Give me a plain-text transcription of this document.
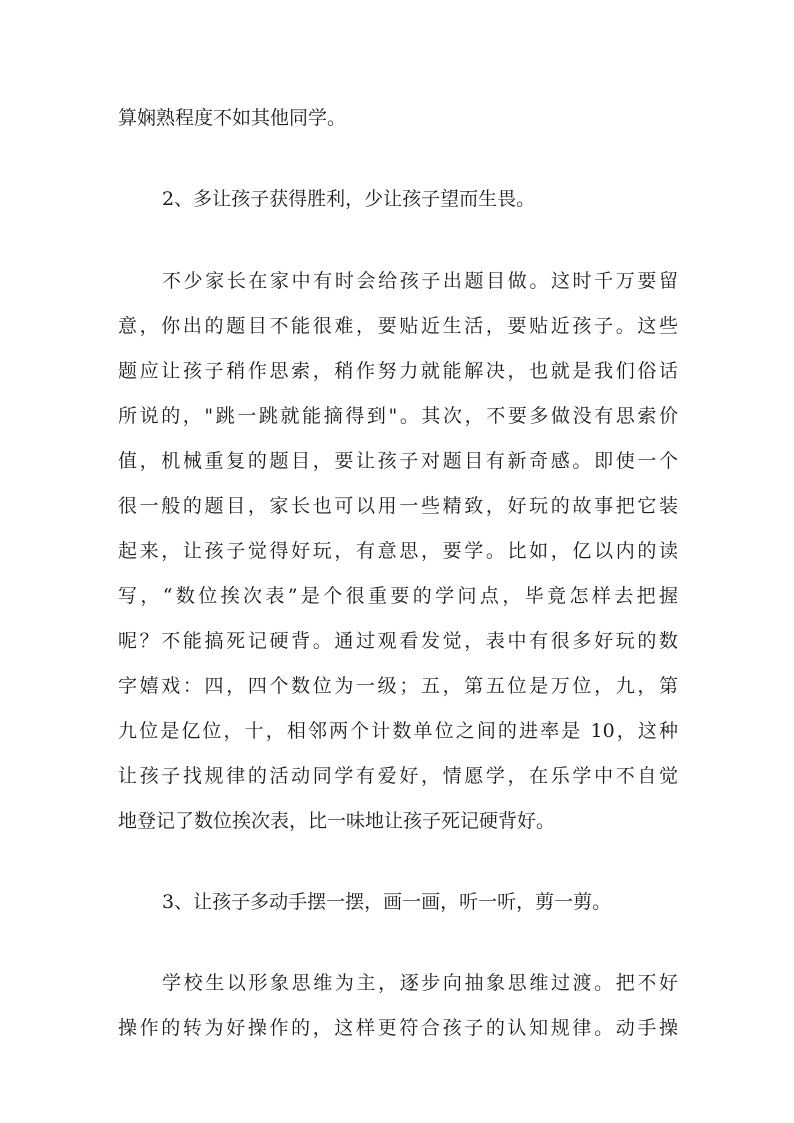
算娴熟程度不如其他同学。
2、多让孩子获得胜利，少让孩子望而生畏。
不少家长在家中有时会给孩子出题目做。这时千万要留
意，你出的题目不能很难，要贴近生活，要贴近孩子。这些
题应让孩子稍作思索，稍作努力就能解决，也就是我们俗话
所说的，"跳一跳就能摘得到"。其次，不要多做没有思索价
值，机械重复的题目，要让孩子对题目有新奇感。即使一个
很一般的题目，家长也可以用一些精致，好玩的故事把它装
起来，让孩子觉得好玩，有意思，要学。比如，亿以内的读
写，“数位挨次表”是个很重要的学问点，毕竟怎样去把握
呢？不能搞死记硬背。通过观看发觉，表中有很多好玩的数
字嬉戏：四，四个数位为一级；五，第五位是万位，九，第
九位是亿位，十，相邻两个计数单位之间的进率是 10，这种
让孩子找规律的活动同学有爱好，情愿学，在乐学中不自觉
地登记了数位挨次表，比一味地让孩子死记硬背好。
3、让孩子多动手摆一摆，画一画，听一听，剪一剪。
学校生以形象思维为主，逐步向抽象思维过渡。把不好
操作的转为好操作的，这样更符合孩子的认知规律。动手操
